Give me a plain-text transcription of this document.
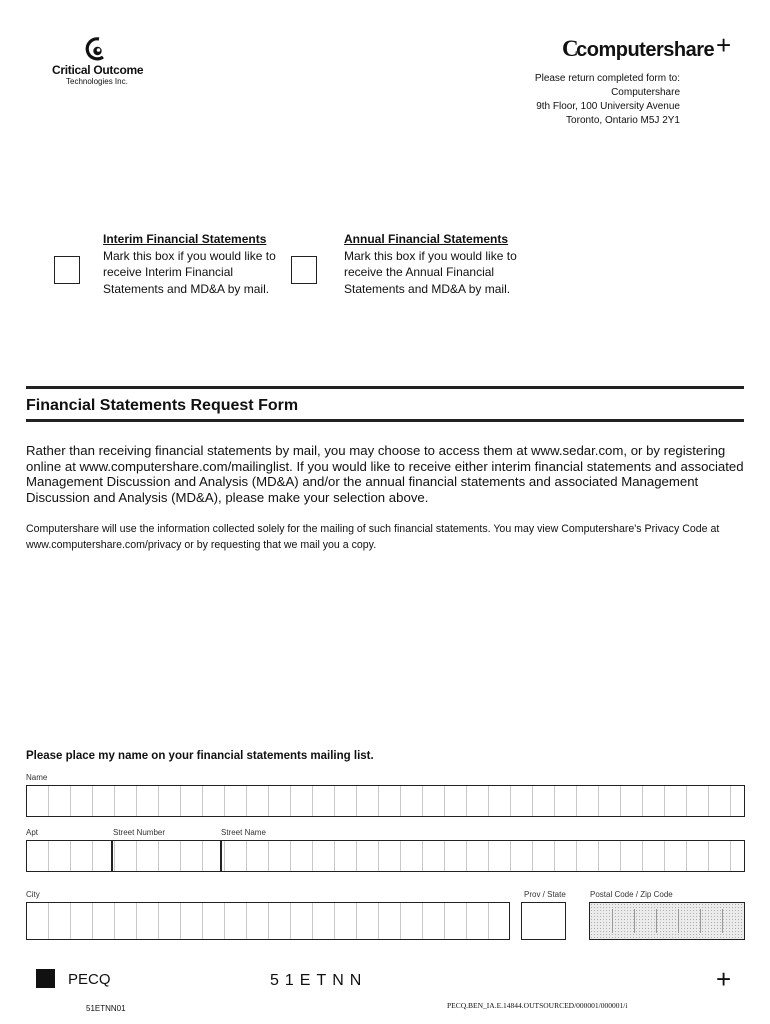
Critical Outcome
Technologies Inc.
Ccomputershare +
Please return completed form to:
Computershare
9th Floor, 100 University Avenue
Toronto, Ontario M5J 2Y1
Interim Financial Statements
Mark this box if you would like to
receive Interim Financial
Statements and MD&A by mail.
Annual Financial Statements
Mark this box if you would like to
receive the Annual Financial
Statements and MD&A by mail.
Financial Statements Request Form
Rather than receiving financial statements by mail, you may choose to access them at www.sedar.com, or by registering online at www.computershare.com/mailinglist. If you would like to receive either interim financial statements and associated Management Discussion and Analysis (MD&A) and/or the annual financial statements and associated Management Discussion and Analysis (MD&A), please make your selection above.
Computershare will use the information collected solely for the mailing of such financial statements. You may view Computershare's Privacy Code at www.computershare.com/privacy or by requesting that we mail you a copy.
Please place my name on your financial statements mailing list.
Name
Apt	Street Number	Street Name
City	Prov / State	Postal Code / Zip Code
PECQ	51ETNN	+
51ETNN01	PECQ.BEN_IA.E.14844.OUTSOURCED/000001/000001/i
